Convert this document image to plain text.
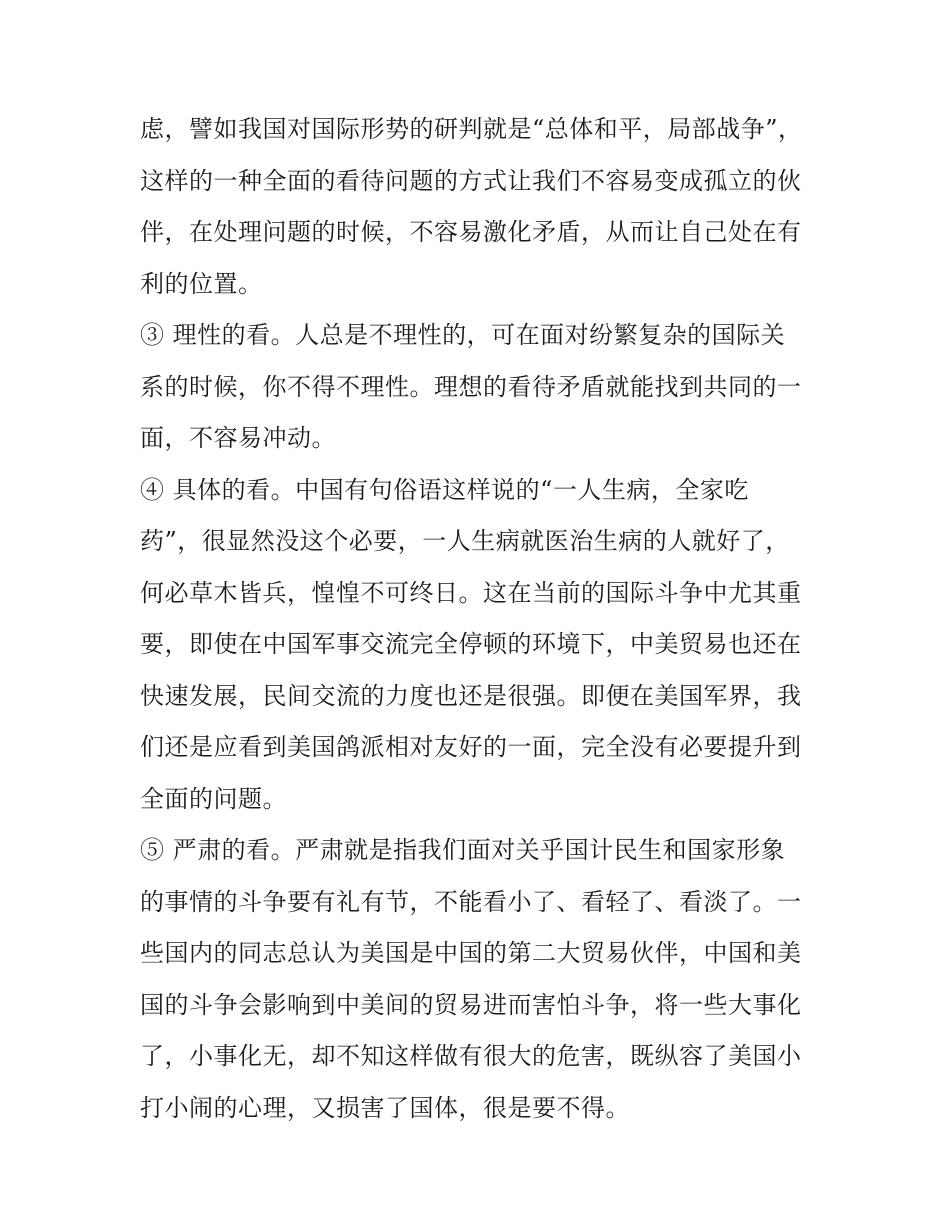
虑，譬如我国对国际形势的研判就是“总体和平，局部战争”，
这样的一种全面的看待问题的方式让我们不容易变成孤立的伙
伴，在处理问题的时候，不容易激化矛盾，从而让自己处在有
利的位置。
③ 理性的看。人总是不理性的，可在面对纷繁复杂的国际关
系的时候，你不得不理性。理想的看待矛盾就能找到共同的一
面，不容易冲动。
④ 具体的看。中国有句俗语这样说的“一人生病，全家吃
药”，很显然没这个必要，一人生病就医治生病的人就好了，
何必草木皆兵，惶惶不可终日。这在当前的国际斗争中尤其重
要，即使在中国军事交流完全停顿的环境下，中美贸易也还在
快速发展，民间交流的力度也还是很强。即便在美国军界，我
们还是应看到美国鸽派相对友好的一面，完全没有必要提升到
全面的问题。
⑤ 严肃的看。严肃就是指我们面对关乎国计民生和国家形象
的事情的斗争要有礼有节，不能看小了、看轻了、看淡了。一
些国内的同志总认为美国是中国的第二大贸易伙伴，中国和美
国的斗争会影响到中美间的贸易进而害怕斗争，将一些大事化
了，小事化无，却不知这样做有很大的危害，既纵容了美国小
打小闹的心理，又损害了国体，很是要不得。
